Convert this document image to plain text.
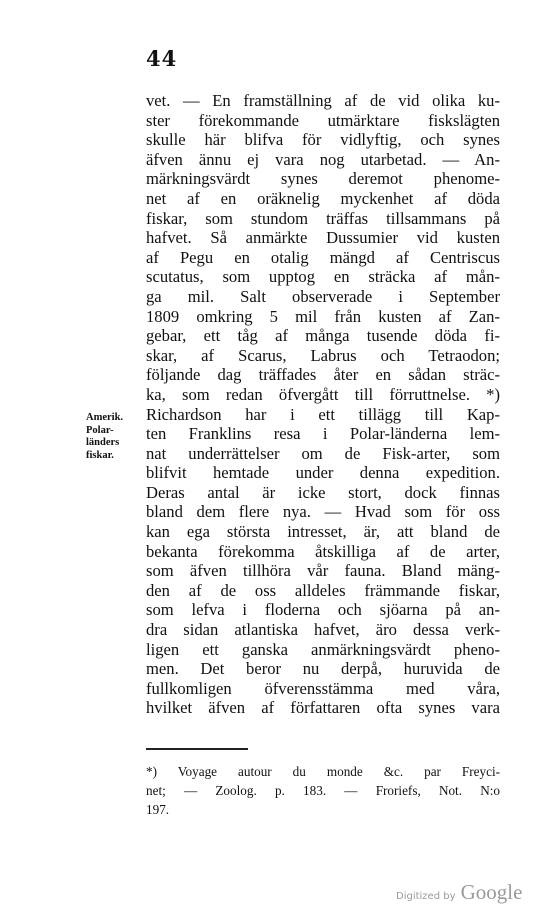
44
vet. — En framställning af de vid olika ku-
ster förekommande utmärktare fiskslägten
skulle här blifva för vidlyftig, och synes
äfven ännu ej vara nog utarbetad. — An-
märkningsvärdt synes deremot phenome-
net af en oräknelig myckenhet af döda
fiskar, som stundom träffas tillsammans på
hafvet. Så anmärkte Dussumier vid kusten
af Pegu en otalig mängd af Centriscus
scutatus, som upptog en sträcka af mån-
ga mil. Salt observerade i September
1809 omkring 5 mil från kusten af Zan-
gebar, ett tåg af många tusende döda fi-
skar, af Scarus, Labrus och Tetraodon;
följande dag träffades åter en sådan sträc-
ka, som redan öfvergått till förruttnelse. *)
Richardson har i ett tillägg till Kap-
ten Franklins resa i Polar-länderna lem-
nat underrättelser om de Fisk-arter, som
blifvit hemtade under denna expedition.
Deras antal är icke stort, dock finnas
bland dem flere nya. — Hvad som för oss
kan ega största intresset, är, att bland de
bekanta förekomma åtskilliga af de arter,
som äfven tillhöra vår fauna. Bland mäng-
den af de oss alldeles främmande fiskar,
som lefva i floderna och sjöarna på an-
dra sidan atlantiska hafvet, äro dessa verk-
ligen ett ganska anmärkningsvärdt pheno-
men. Det beror nu derpå, huruvida de
fullkomligen öfverensstämma med våra,
hvilket äfven af författaren ofta synes vara
Amerik.
Polar-
länders
fiskar.
*) Voyage autour du monde &c. par Freyci-
net; — Zoolog. p. 183. — Froriefs, Not. N:o
197.
Digitized by Google
